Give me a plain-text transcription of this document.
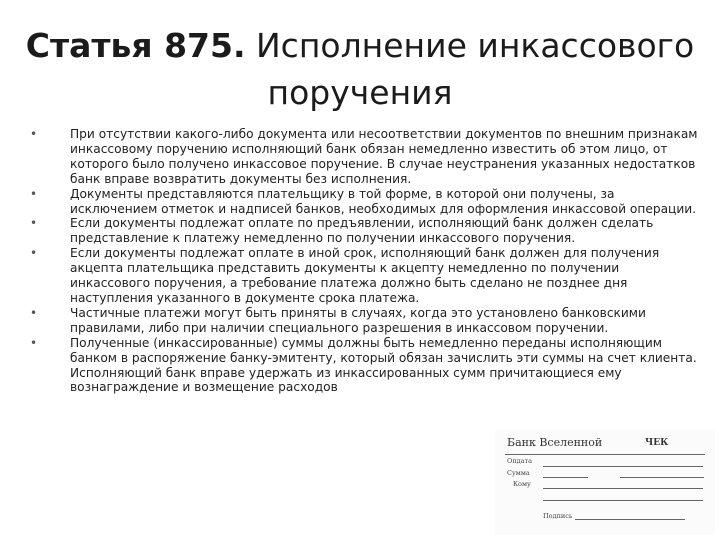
Статья 875. Исполнение инкассового поручения
•	При отсутствии какого-либо документа или несоответствии документов по внешним признакам инкассовому поручению исполняющий банк обязан немедленно известить об этом лицо, от которого было получено инкассовое поручение. В случае неустранения указанных недостатков банк вправе возвратить документы без исполнения.
•	Документы представляются плательщику в той форме, в которой они получены, за исключением отметок и надписей банков, необходимых для оформления инкассовой операции.
•	Если документы подлежат оплате по предъявлении, исполняющий банк должен сделать представление к платежу немедленно по получении инкассового поручения.
•	Если документы подлежат оплате в иной срок, исполняющий банк должен для получения акцепта плательщика представить документы к акцепту немедленно по получении инкассового поручения, а требование платежа должно быть сделано не позднее дня наступления указанного в документе срока платежа.
•	Частичные платежи могут быть приняты в случаях, когда это установлено банковскими правилами, либо при наличии специального разрешения в инкассовом поручении.
•	Полученные (инкассированные) суммы должны быть немедленно переданы исполняющим банком в распоряжение банку-эмитенту, который обязан зачислить эти суммы на счет клиента. Исполняющий банк вправе удержать из инкассированных сумм причитающиеся ему вознаграждение и возмещение расходов
Банк Вселенной	ЧЕК
Опдата
Сумма
Кому
Подпись
